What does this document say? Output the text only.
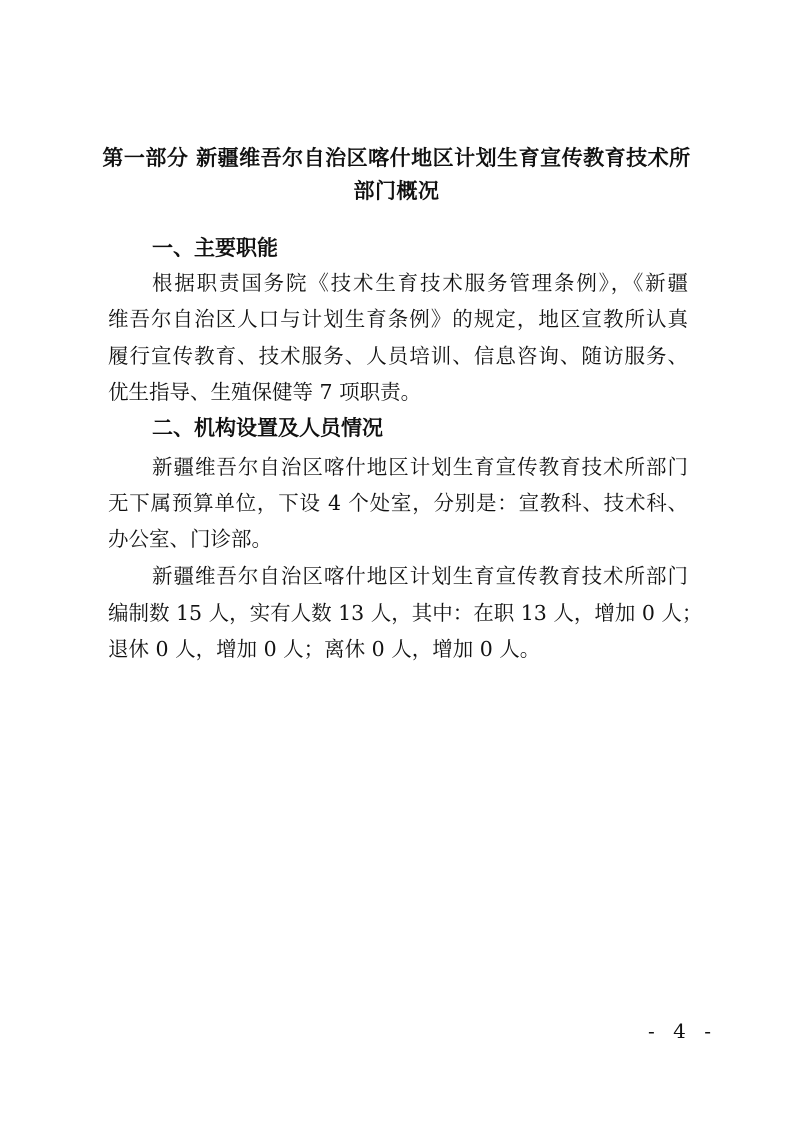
第一部分 新疆维吾尔自治区喀什地区计划生育宣传教育技术所
部门概况
一、主要职能
根据职责国务院《技术生育技术服务管理条例》，《新疆
维吾尔自治区人口与计划生育条例》的规定，地区宣教所认真
履行宣传教育、技术服务、人员培训、信息咨询、随访服务、
优生指导、生殖保健等 7 项职责。
二、机构设置及人员情况
新疆维吾尔自治区喀什地区计划生育宣传教育技术所部门
无下属预算单位，下设 4 个处室，分别是：宣教科、技术科、
办公室、门诊部。
新疆维吾尔自治区喀什地区计划生育宣传教育技术所部门
编制数 15 人，实有人数 13 人，其中：在职 13 人，增加 0 人；
退休 0 人，增加 0 人；离休 0 人，增加 0 人。
- 4 -
